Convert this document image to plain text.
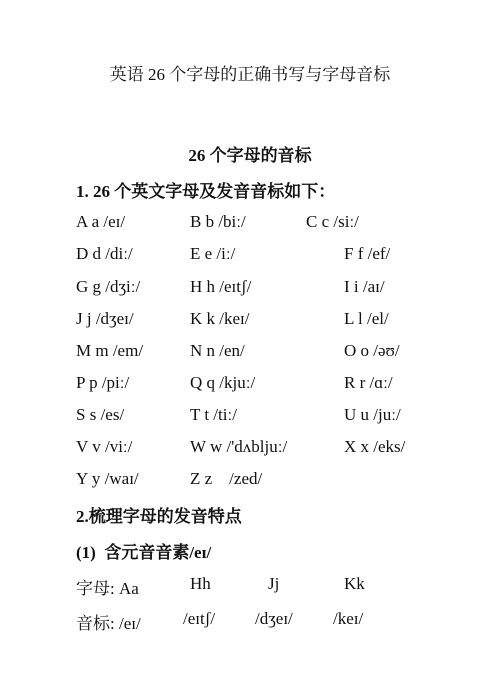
英语 26 个字母的正确书写与字母音标
26 个字母的音标
1. 26 个英文字母及发音音标如下：
A a /eɪ/	B b /biː/	C c /siː/
D d /diː/	E e /iː/	F f /ef/
G g /dʒiː/	H h /eɪtʃ/	I i /aɪ/
J j /dʒeɪ/	K k /keɪ/	L l /el/
M m /em/	N n /en/	O o /əʊ/
P p /piː/	Q q /kjuː/	R r /ɑː/
S s /es/	T t /tiː/	U u /juː/
V v /viː/	W w /'dʌbljuː/	X x /eks/
Y y /waɪ/	Z z    /zed/
2.梳理字母的发音特点
(1)  含元音音素/eɪ/
字母: Aa	Hh	Jj	Kk
音标: /eɪ/ /eɪtʃ/ /dʒeɪ/ /keɪ/
